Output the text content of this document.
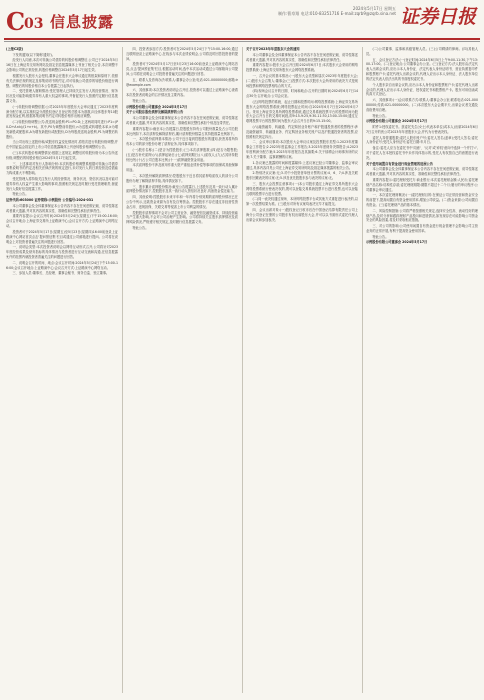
C
03 信息披露
2024年5月17日 星期五
制作:曹寿翔 电话:010-83251716 E-mail:zqrb9@zqrb.sina.net 证券日报

(上接C2版)

下发的通知(以下简称'通知')。

经发行人同意,本次可转换公司债券的转股价格调整后,公司已于2024年5月16日在上海证券交易所网站及指定信息披露媒体上刊登了相关公告,本次调整不会影响公司的正常经营,转股价格调整自2024年5月17日起生效。

根据发行人股东大会授权,董事会在股东大会审议通过的框架和原则下,依照有关法律法规的规定及募集说明书的约定,对可转换公司债券的转股价格进行调整。调整后的转股价格自本公告披露之日起执行。

二、受托管理人履职情况:受托管理人已持续关注发行人的经营情况、财务状况及可能影响债券持有人重大权益的事项,并督促发行人按照约定履行信息披露义务。

(一)转股价格调整依据:公司2023年年度股东大会审议通过了2023年度利润分配方案,以实施权益分派股权登记日登记的总股本为基数,向全体股东每10股派发现金红利,根据募集说明书约定对转股价格作出相应调整。

(二)转股价格调整公式:派送现金股利:P1=P0-D;上述两项同时进行:P1=(P0-D+A×k)/(1+n+k)。其中,P0为调整前转股价,n为送股或转增股本率,k为增发新股或配股率,A为增发新股价或配股价,D为每股派送现金股利,P1为调整后转股价。

当公司出现上述股份和/或股东权益变化情况时,将依次进行转股价格调整,并在中国证监会指定的上市公司信息披露媒体上刊登转股价格调整的公告。

(三)本次转股价格调整情况:根据上述规定,调整后的转股价格为本公告所述价格,调整后的转股价格自2024年5月17日起生效。

三、上述事项对发行人影响分析:本次转股价格调整系根据可转换公司债券募集说明书的约定及相关法律法规的规定进行,未对发行人的日常经营及偿债能力构成重大不利影响。

受托管理人将持续关注发行人的经营情况、财务状况、资信状况以及可能对债券持有人权益产生重大影响的事项,按照相关规定及时履行受托管理职责,督促发行人做好信息披露工作。

特此公告。

证券代码:603000 证券简称:示例股份 公告编号:2024-031

本公司董事会及全体董事保证本公告内容不存在任何虚假记载、误导性陈述或者重大遗漏,并对其内容的真实性、准确性和完整性承担法律责任。

重要内容提示:会议召开时间:2024年5月24日(星期五)下午15:00-16:00;会议召开地点:上海证券交易所上证路演中心;会议召开方式:上证路演中心网络互动。

投资者可于2024年5月17日(星期五)至5月23日(星期四)16:00前登录上证路演中心网站首页点击'提问预征集'栏目或通过公司邮箱进行提问。公司将在说明会上对投资者普遍关注的问题进行回答。

一、说明会类型:本次投资者说明会以网络互动形式召开,公司将针对2023年度经营成果及财务指标的具体情况与投资者进行互动交流和沟通,在信息披露允许的范围内就投资者普遍关注的问题进行回答。

二、说明会召开的时间、地点:会议召开时间:2024年5月24日下午15:00-16:00;会议召开地点:上证路演中心;会议召开方式:上证路演中心网络互动。

三、参加人员:董事长、总经理、董事会秘书、财务总监、独立董事。

四、投资者参加方式:投资者可在2024年5月24日下午15:00-16:00,通过互联网登录上证路演中心,在线参与本次业绩说明会,公司将及时回答投资者的提问。

投资者可于2024年5月17日至5月23日16:00前登录上证路演中心网站首页,点击'提问预征集'栏目,根据活动时间,选中本次活动或通过公司邮箱向公司提问,公司将在说明会上对投资者普遍关注的问题进行回答。

五、联系人及咨询办法:联系人:董事会办公室;电话:021-00000000;邮箱:ir@example.com

六、其他事项:本次投资者说明会召开后,投资者可以通过上证路演中心查看本次投资者说明会的召开情况及主要内容。

特此公告。

示例股份有限公司董事会 2024年5月17日

关于公司股东股份质押及解除质押的公告

本公司董事会及全体董事保证本公告内容不存在任何虚假记载、误导性陈述或者重大遗漏,并对其内容的真实性、准确性和完整性承担个别及连带责任。

重要内容提示:截至本公告披露日,控股股东持有公司股份数量及占公司总股本比例如下,本次质押及解除质押后,累计质押股份数量占其持股数量比例如下。

一、本次股份质押基本情况:公司于近日接到控股股东的通知,获悉其将所持有本公司的部分股份办理了质押业务,具体事项如下。

(一)股东名称;(二)是否为控股股东;(三)本次质押股数;(四)是否为限售股;(五)是否补充质押;(六)质押起始日;(七)质押到期日;(八)质权人;(九)占其所持股份比例;(十)占公司总股本比例;(十一)质押融资资金用途。

本次质押股份不涉及被用作重大资产重组业绩补偿等事项的担保或其他保障用途。

二、本次股份解除质押情况:控股股东于近日将其质押给质权人的部分公司股份办理了解除质押手续,具体情况如下。

三、股东累计质押股份情况:截至公告披露日,上述股东及其一致行动人累计质押股份情况如下,控股股东及其一致行动人资信状况良好,具备资金偿还能力。

四、其他说明:控股股东未来半年和一年内将分别到期的质押股份情况已在公告中列示,还款资金来源为自有及自筹资金。控股股东不存在通过非经营性资金占用、违规担保、关联交易等侵害上市公司利益的情况。

控股股东质押事项不会对公司主营业务、融资授信及融资成本、持续经营能力产生重大影响,不会对公司治理产生影响。公司将持续关注股东质押情况及质押风险情况,严格遵守相关规定,及时履行信息披露义务。

特此公告。

关于召开2023年年度股东大会的通知

本公司董事会及全体董事保证本公告内容不存在任何虚假记载、误导性陈述或者重大遗漏,并对其内容的真实性、准确性和完整性承担法律责任。

重要内容提示:股东大会召开日期:2024年6月7日;本次股东大会采用的网络投票系统:上海证券交易所股东大会网络投票系统。

一、召开会议的基本情况:(一)股东大会类型和届次:2023年年度股东大会;(二)股东大会召集人:董事会;(三)投票方式:本次股东大会所采用的表决方式是现场投票和网络投票相结合的方式。

(四)现场会议召开的日期、时间和地点:召开的日期时间:2024年6月7日14点30分;召开地点:公司会议室。

(五)网络投票的系统、起止日期和投票时间:网络投票系统:上海证券交易所股东大会网络投票系统;网络投票起止时间:自2024年6月7日至2024年6月7日。采用上海证券交易所网络投票系统,通过交易系统投票平台的投票时间为股东大会召开当日的交易时间段,即9:15-9:25,9:30-11:30,13:00-15:00;通过互联网投票平台的投票时间为股东大会召开当日的9:15-15:00。

(六)融资融券、转融通、约定购回业务账户和沪股通投资者的投票程序:涉及融资融券、转融通业务、约定购回业务相关账户以及沪股通投资者的投票,应按照相关规定执行。

二、会议审议事项:本次股东大会审议议案及投票股东类型:1.2023年度董事会工作报告;2.2023年度监事会工作报告;3.2023年度财务决算报告;4.2023年度利润分配方案;5.2023年年度报告及其摘要;6.关于续聘会计师事务所的议案;7.关于董事、监事薪酬的议案。

1.各议案已披露的时间和披露媒体:上述议案已经公司董事会、监事会审议通过,具体内容详见公司在上海证券交易所网站及指定媒体披露的相关公告。

2.特别决议议案:无;3.对中小投资者单独计票的议案:4、6、7;4.涉及关联股东回避表决的议案:无;5.涉及优先股股东参与表决的议案:无。

三、股东大会投票注意事项:(一)本公司股东通过上海证券交易所股东大会网络投票系统行使表决权的,既可以登陆交易系统投票平台进行投票,也可以登陆互联网投票平台进行投票。

(二)同一表决权通过现场、本所网络投票平台或其他方式重复进行表决的,以第一次投票结果为准。(三)股东对所有议案均表决完毕才能提交。

四、会议出席对象:(一)股权登记日收市后在中国登记结算有限责任公司上海分公司登记在册的公司股东有权出席股东大会,并可以以书面形式委托代理人出席会议和参加表决。

(二)公司董事、监事和高级管理人员。(三)公司聘请的律师。(四)其他人员。

五、会议登记方法:(一)登记时间:2024年6月5日上午9:00-11:30,下午13:00-17:00。(二)登记地点:公司董事会办公室。(三)登记方式:法人股东由法定代表人出席会议的,应出示本人身份证、法定代表人身份证明书、营业执照复印件和股票账户卡;委托代理人出席会议的,代理人应出示本人身份证、法人股东单位的法定代表人依法出具的书面授权委托书。

个人股东亲自出席会议的,应出示本人身份证和股票账户卡;委托代理人出席会议的,代理人应出示本人身份证、授权委托书和股票账户卡。股东可用信函或传真方式登记。

六、其他事项:(一)会议联系方式:联系人:董事会办公室;联系电话:021-00000000;传真:021-00000000。(二)本次股东大会会期半天,出席会议者交通及食宿费用自理。

特此公告。

示例股份有限公司董事会 2024年5月17日

附件1:授权委托书。兹委托先生(女士)代表本单位(或本人)出席2024年6月7日召开的贵公司2023年年度股东大会,并代为行使表决权。

委托人持普通股数;委托人股东账户号;委托人签名(盖章);受托人签名;委托人身份证号;受托人身份证号;委托日期:年月日。

备注:委托人应当在委托书中'同意'、'反对'或'弃权'意向中选择一个并打'√',对于委托人在本授权委托书中未作具体指示的,受托人有权按自己的意愿进行表决。

关于使用闲置自有资金进行现金管理的进展公告

本公司董事会及全体董事保证本公告内容不存在任何虚假记载、误导性陈述或者重大遗漏,并对其内容的真实性、准确性和完整性承担法律责任。

重要内容提示:委托理财受托方:商业银行;本次委托理财金额:人民币;委托理财产品名称:结构性存款;委托理财期限:期限不超过十二个月;履行的审议程序:公司董事会审议通过。

一、本次委托理财概况:(一)委托理财目的:在保证公司正常经营和资金安全的前提下,提高闲置自有资金使用效率,增加公司收益。(二)资金来源:公司闲置自有资金。(三)委托理财产品的基本情况。

二、风险控制措施:公司将严格按照相关规定,选择安全性高、流动性好的理财产品,及时分析和跟踪理财产品投向和进展情况,如发现存在可能影响公司资金安全的风险因素,将及时采取相应措施。

三、对公司的影响:公司使用闲置自有资金进行现金管理不会影响公司主营业务的正常开展,有利于提高资金使用效率。

特此公告。

示例股份有限公司董事会 2024年5月17日
